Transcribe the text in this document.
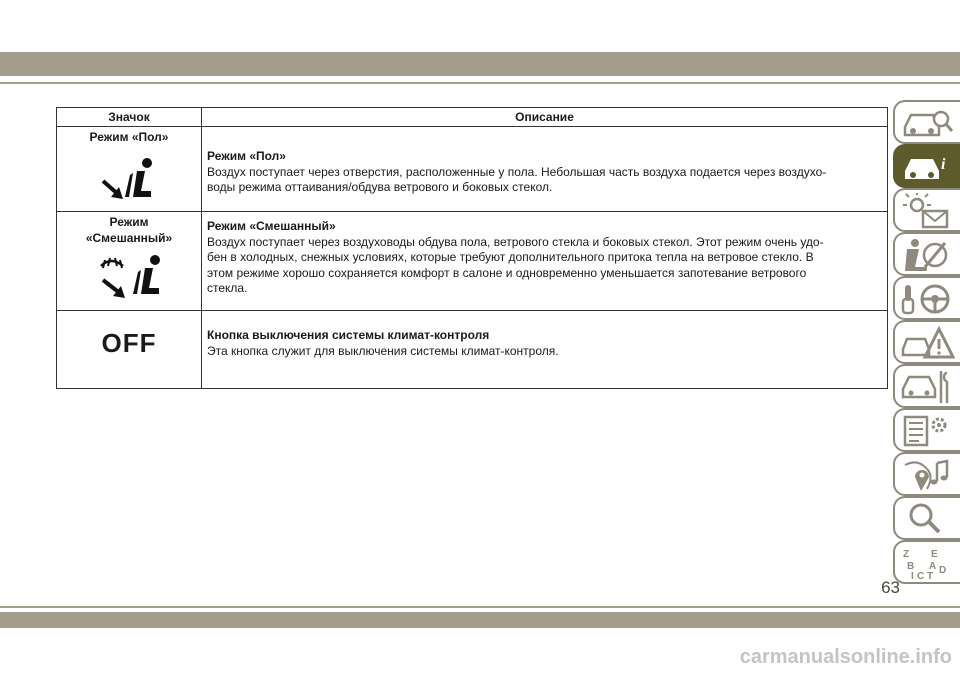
Значок	Описание
Режим «Пол»
Режим «Пол»
Воздух поступает через отверстия, расположенные у пола. Небольшая часть воздуха подается через воздухо-
воды режима оттаивания/обдува ветрового и боковых стекол.
Режим
«Смешанный»
Режим «Смешанный»
Воздух поступает через воздуховоды обдува пола, ветрового стекла и боковых стекол. Этот режим очень удо-
бен в холодных, снежных условиях, которые требуют дополнительного притока тепла на ветровое стекло. В
этом режиме хорошо сохраняется комфорт в салоне и одновременно уменьшается запотевание ветрового
стекла.
OFF	Кнопка выключения системы климат-контроля
Эта кнопка служит для выключения системы климат-контроля.
i
Z E
B A
C
D
I T
63
carmanualsonline.info
